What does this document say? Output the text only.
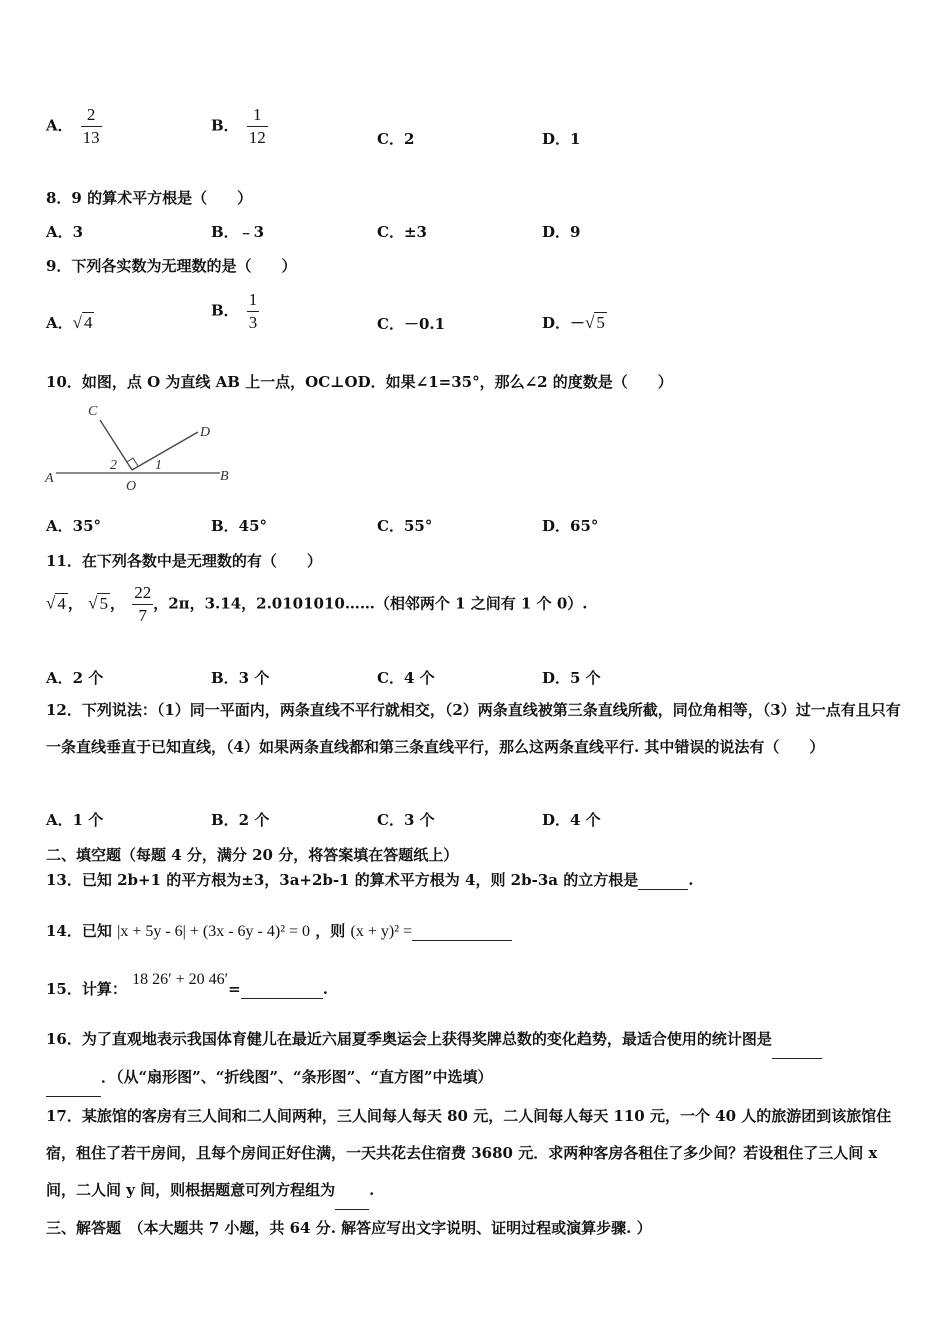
A． $\frac{2}{13}$	B． $\frac{1}{12}$	C．2	D．1
8．9 的算术平方根是（　　）
A．3	B．﹣3	C．±3	D．9
9．下列各实数为无理数的是（　　）
A．√ 4
B． $\frac{1}{3}$	C．－0.1	D．－√ 5
10．如图，点 O 为直线 AB 上一点，OC⊥OD．如果∠1=35°，那么∠2 的度数是（　　）
A	B
C
D
O
2	1
A．35°	B．45°	C．55°	D．65°
11．在下列各数中是无理数的有（　　）
√ 4 ， √ 5 ， $\frac{22}{7}$ ，2π，3.14，2.0101010……（相邻两个 1 之间有 1 个 0）.
A．2 个	B．3 个	C．4 个	D．5 个
12．下列说法：（1）同一平面内，两条直线不平行就相交，（2）两条直线被第三条直线所截，同位角相等，（3）过一点有且只有一条直线垂直于已知直线，（4）如果两条直线都和第三条直线平行，那么这两条直线平行. 其中错误的说法有（　　）
A．1 个	B．2 个	C．3 个	D．4 个
二、填空题（每题 4 分，满分 20 分，将答案填在答题纸上）
13．已知 2b+1 的平方根为±3，3a+2b-1 的算术平方根为 4，则 2b-3a 的立方根是	.
14．已知 |x + 5y - 6| + (3x - 6y - 4)² = 0 ，则 (x + y)² =
15．计算： 18 26′ + 20 46′=	.
16．为了直观地表示我国体育健儿在最近六届夏季奥运会上获得奖牌总数的变化趋势，最适合使用的统计图是
．（从“扇形图”、“折线图”、“条形图”、“直方图”中选填）
17．某旅馆的客房有三人间和二人间两种，三人间每人每天 80 元，二人间每人每天 110 元，一个 40 人的旅游团到该旅馆住宿，租住了若干房间，且每个房间正好住满，一天共花去住宿费 3680 元．求两种客房各租住了多少间？若设租住了三人间 x 间，二人间 y 间，则根据题意可列方程组为 .
三、解答题　（本大题共 7 小题，共 64 分. 解答应写出文字说明、证明过程或演算步骤. ）
